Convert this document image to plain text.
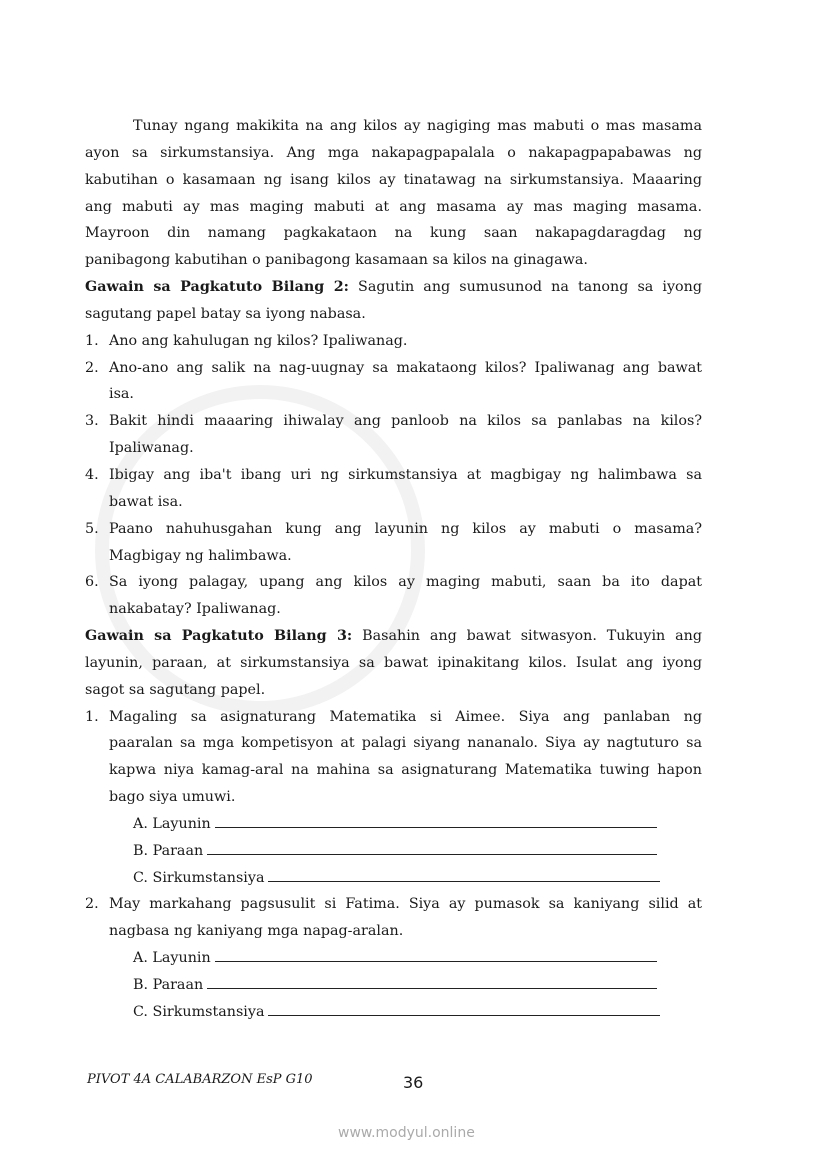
Tunay ngang makikita na ang kilos ay nagiging mas mabuti o mas masama
ayon sa sirkumstansiya. Ang mga nakapagpapalala o nakapagpapabawas ng
kabutihan o kasamaan ng isang kilos ay tinatawag na sirkumstansiya. Maaaring
ang mabuti ay mas maging mabuti at ang masama ay mas maging masama.
Mayroon din namang pagkakataon na kung saan nakapagdaragdag ng
panibagong kabutihan o panibagong kasamaan sa kilos na ginagawa.
Gawain sa Pagkatuto Bilang 2: Sagutin ang sumusunod na tanong sa iyong
sagutang papel batay sa iyong nabasa.
1. Ano ang kahulugan ng kilos? Ipaliwanag.
2. Ano-ano ang salik na nag-uugnay sa makataong kilos? Ipaliwanag ang bawat
isa.
3. Bakit hindi maaaring ihiwalay ang panloob na kilos sa panlabas na kilos?
Ipaliwanag.
4. Ibigay ang iba't ibang uri ng sirkumstansiya at magbigay ng halimbawa sa
bawat isa.
5. Paano nahuhusgahan kung ang layunin ng kilos ay mabuti o masama?
Magbigay ng halimbawa.
6. Sa iyong palagay, upang ang kilos ay maging mabuti, saan ba ito dapat
nakabatay? Ipaliwanag.
Gawain sa Pagkatuto Bilang 3: Basahin ang bawat sitwasyon. Tukuyin ang
layunin, paraan, at sirkumstansiya sa bawat ipinakitang kilos. Isulat ang iyong
sagot sa sagutang papel.
1. Magaling sa asignaturang Matematika si Aimee. Siya ang panlaban ng
paaralan sa mga kompetisyon at palagi siyang nananalo. Siya ay nagtuturo sa
kapwa niya kamag-aral na mahina sa asignaturang Matematika tuwing hapon
bago siya umuwi.
A. Layunin
B. Paraan
C. Sirkumstansiya
2. May markahang pagsusulit si Fatima. Siya ay pumasok sa kaniyang silid at
nagbasa ng kaniyang mga napag-aralan.
A. Layunin
B. Paraan
C. Sirkumstansiya
PIVOT 4A CALABARZON EsP G10	36
www.modyul.online
